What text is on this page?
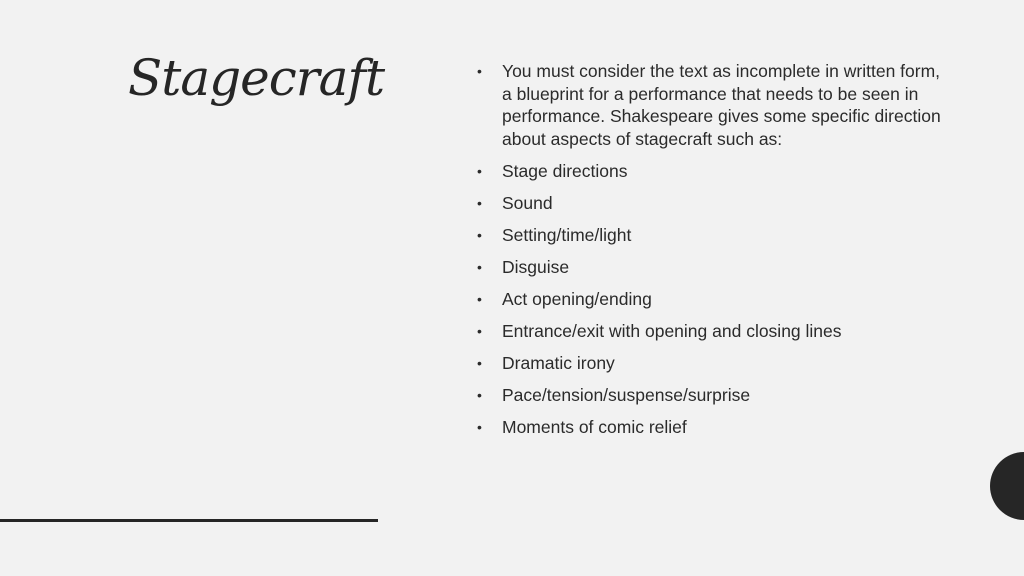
Stagecraft	• You must consider the text as incomplete in written form, a blueprint for a performance that needs to be seen in performance. Shakespeare gives some specific direction about aspects of stagecraft such as:
• Stage directions
• Sound
• Setting/time/light
• Disguise
• Act opening/ending
• Entrance/exit with opening and closing lines
• Dramatic irony
• Pace/tension/suspense/surprise
• Moments of comic relief
